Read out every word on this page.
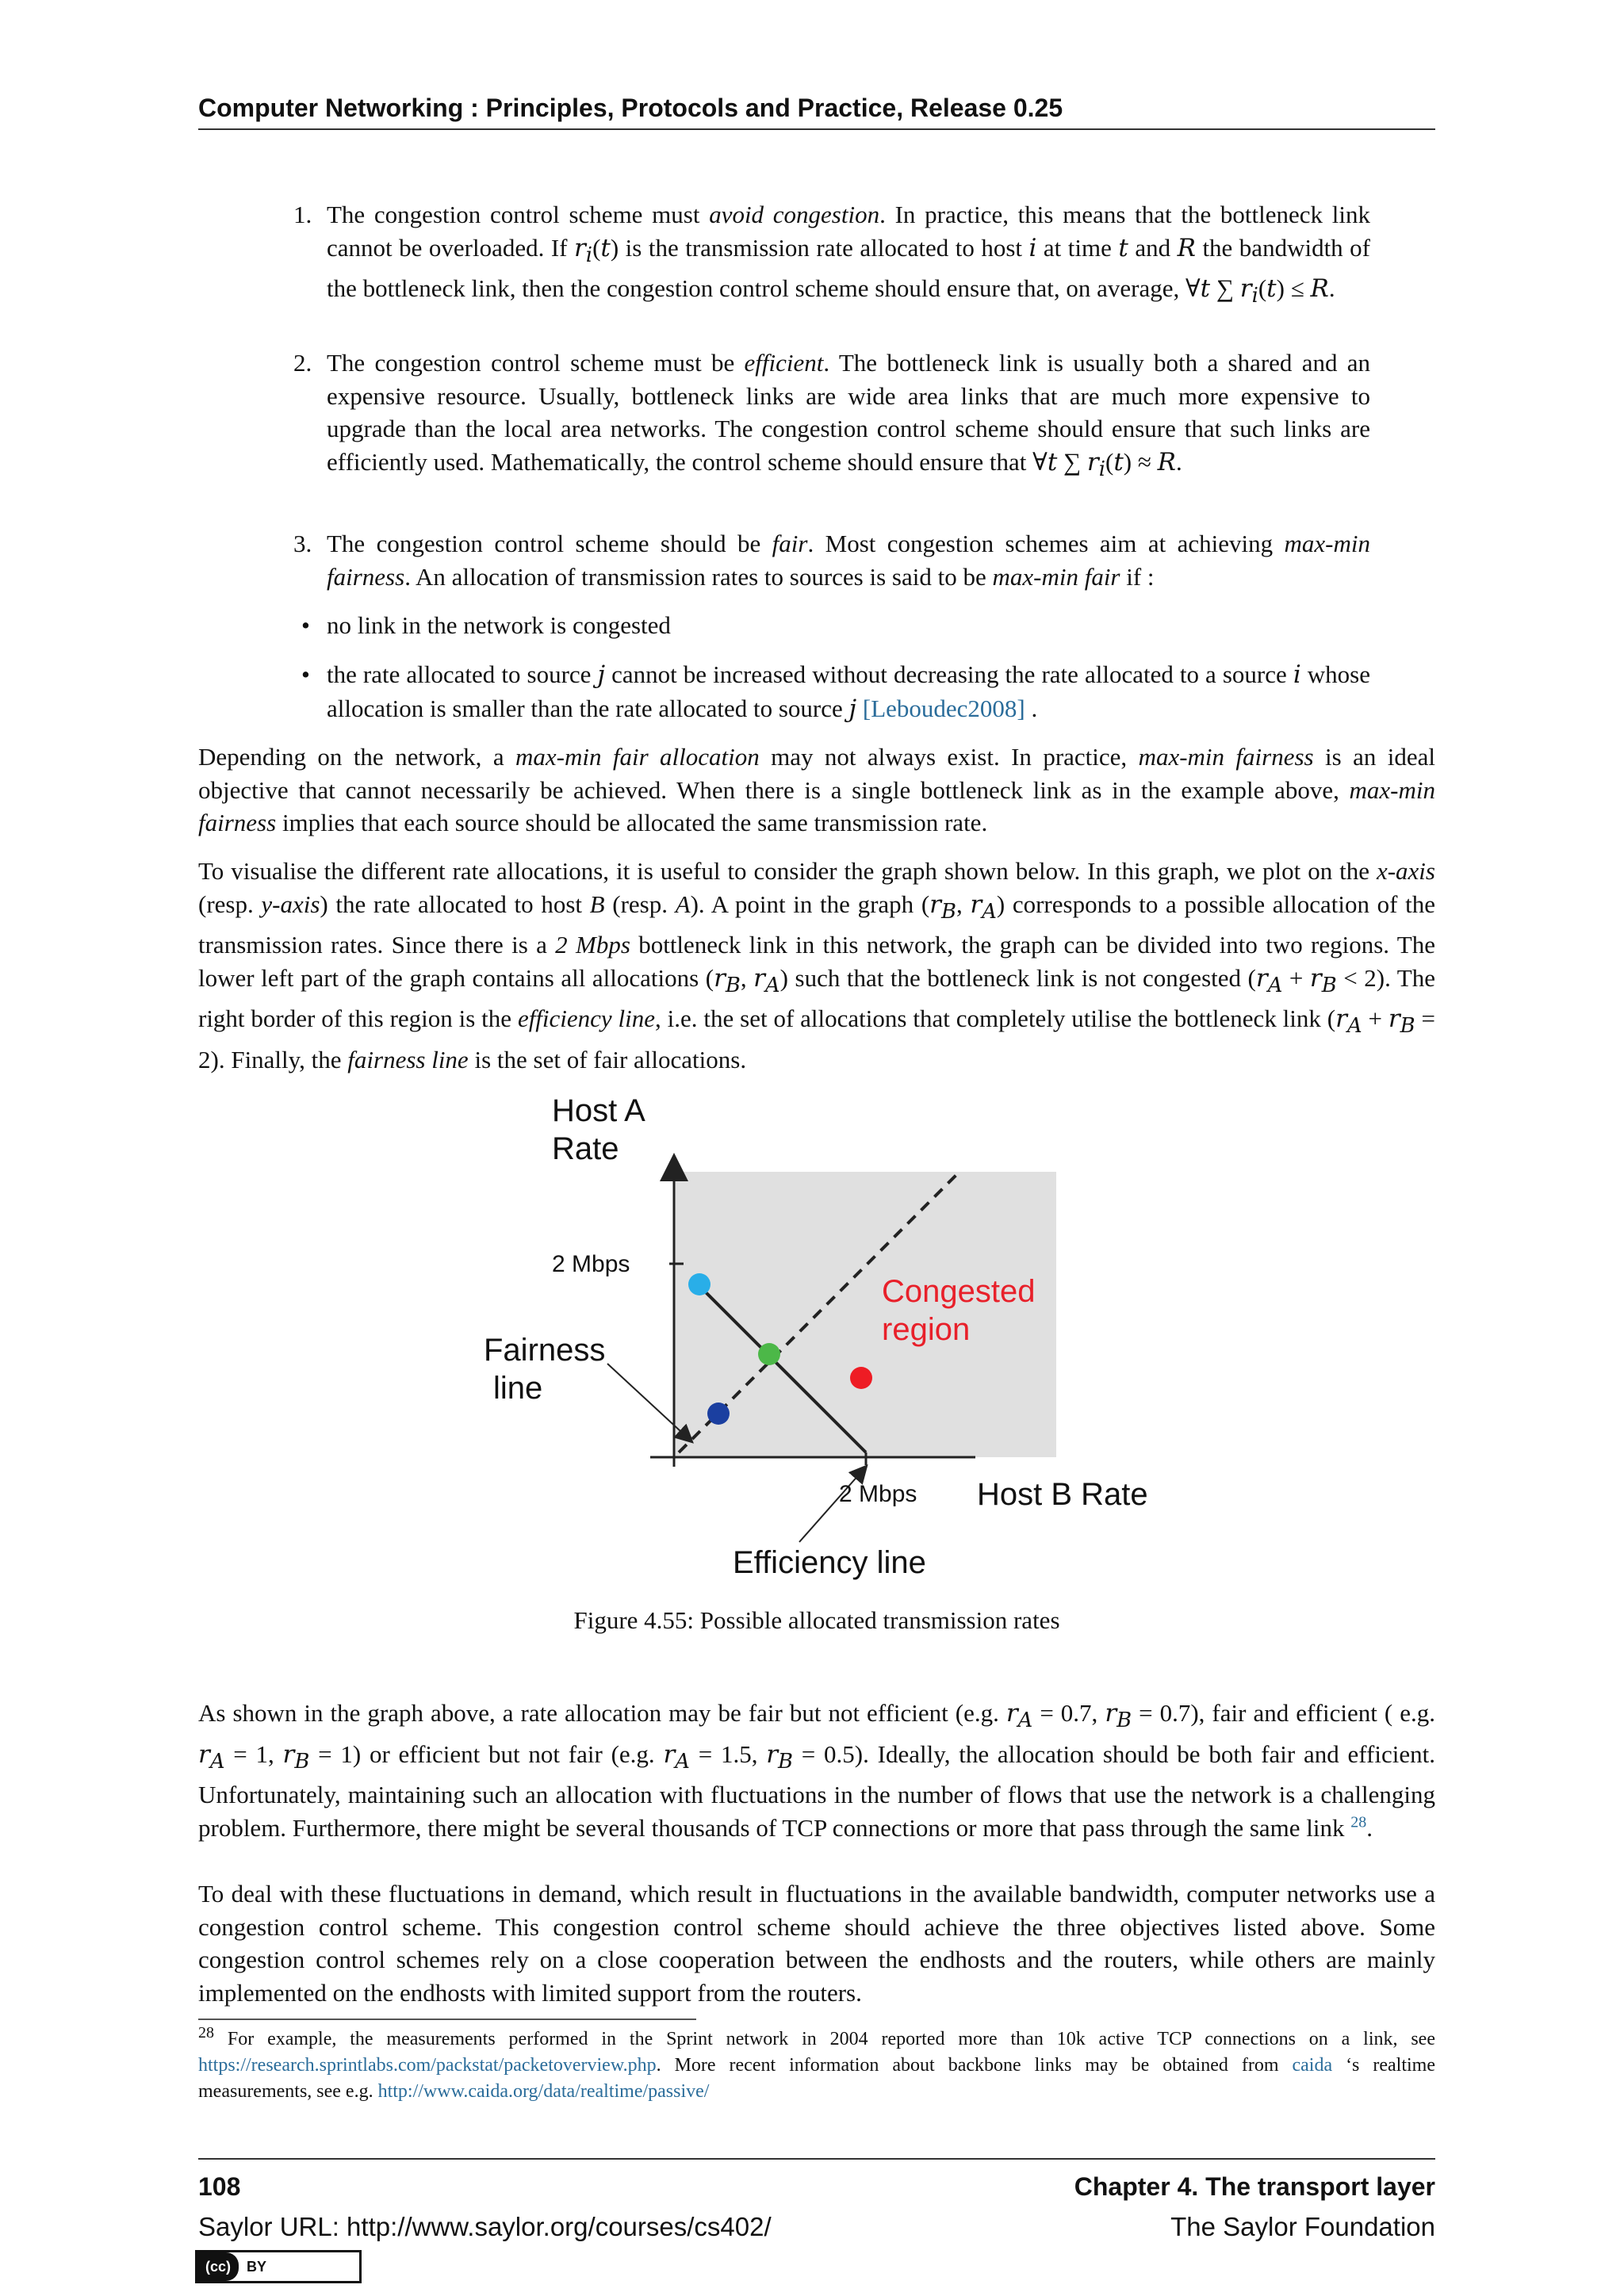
Computer Networking : Principles, Protocols and Practice, Release 0.25
1. The congestion control scheme must avoid congestion. In practice, this means that the bottleneck link cannot be overloaded. If $r_i(t)$ is the transmission rate allocated to host i at time t and R the bandwidth of the bottleneck link, then the congestion control scheme should ensure that, on average, ∀t ∑ $r_i(t) \le R$.
2. The congestion control scheme must be efficient. The bottleneck link is usually both a shared and an expensive resource. Usually, bottleneck links are wide area links that are much more expensive to upgrade than the local area networks. The congestion control scheme should ensure that such links are efficiently used. Mathematically, the control scheme should ensure that ∀t ∑ $r_i(t) \approx R$.
3. The congestion control scheme should be fair. Most congestion schemes aim at achieving max-min fairness. An allocation of transmission rates to sources is said to be max-min fair if :
• no link in the network is congested
• the rate allocated to source j cannot be increased without decreasing the rate allocated to a source i whose allocation is smaller than the rate allocated to source j [Leboudec2008] .
Depending on the network, a max-min fair allocation may not always exist. In practice, max-min fairness is an ideal objective that cannot necessarily be achieved. When there is a single bottleneck link as in the example above, max-min fairness implies that each source should be allocated the same transmission rate.
To visualise the different rate allocations, it is useful to consider the graph shown below. In this graph, we plot on the x-axis (resp. y-axis) the rate allocated to host B (resp. A). A point in the graph ($r_B$, $r_A$) corresponds to a possible allocation of the transmission rates. Since there is a 2 Mbps bottleneck link in this network, the graph can be divided into two regions. The lower left part of the graph contains all allocations ($r_B$, $r_A$) such that the bottleneck link is not congested $(r_A + r_B < 2)$. The right border of this region is the efficiency line, i.e. the set of allocations that completely utilise the bottleneck link $(r_A + r_B = 2)$. Finally, the fairness line is the set of fair allocations.
Host A
Rate
2 Mbps
2 Mbps Host B Rate
Fairness
line
Efficiency line
Congested
region
Figure 4.55: Possible allocated transmission rates
As shown in the graph above, a rate allocation may be fair but not efficient (e.g. $r_A = 0.7$, $r_B = 0.7$), fair and efficient ( e.g. $r_A = 1$, $r_B = 1$) or efficient but not fair (e.g. $r_A = 1.5$, $r_B = 0.5$). Ideally, the allocation should be both fair and efficient. Unfortunately, maintaining such an allocation with fluctuations in the number of flows that use the network is a challenging problem. Furthermore, there might be several thousands of TCP connections or more that pass through the same link $^{28}$.
To deal with these fluctuations in demand, which result in fluctuations in the available bandwidth, computer networks use a congestion control scheme. This congestion control scheme should achieve the three objectives listed above. Some congestion control schemes rely on a close cooperation between the endhosts and the routers, while others are mainly implemented on the endhosts with limited support from the routers.
$^{28}$ For example, the measurements performed in the Sprint network in 2004 reported more than 10k active TCP connections on a link, see https://research.sprintlabs.com/packstat/packetoverview.php. More recent information about backbone links may be obtained from caida ‘s realtime measurements, see e.g. http://www.caida.org/data/realtime/passive/
108	Chapter 4. The transport layer
Saylor URL: http://www.saylor.org/courses/cs402/	The Saylor Foundation
(cc)	BY
